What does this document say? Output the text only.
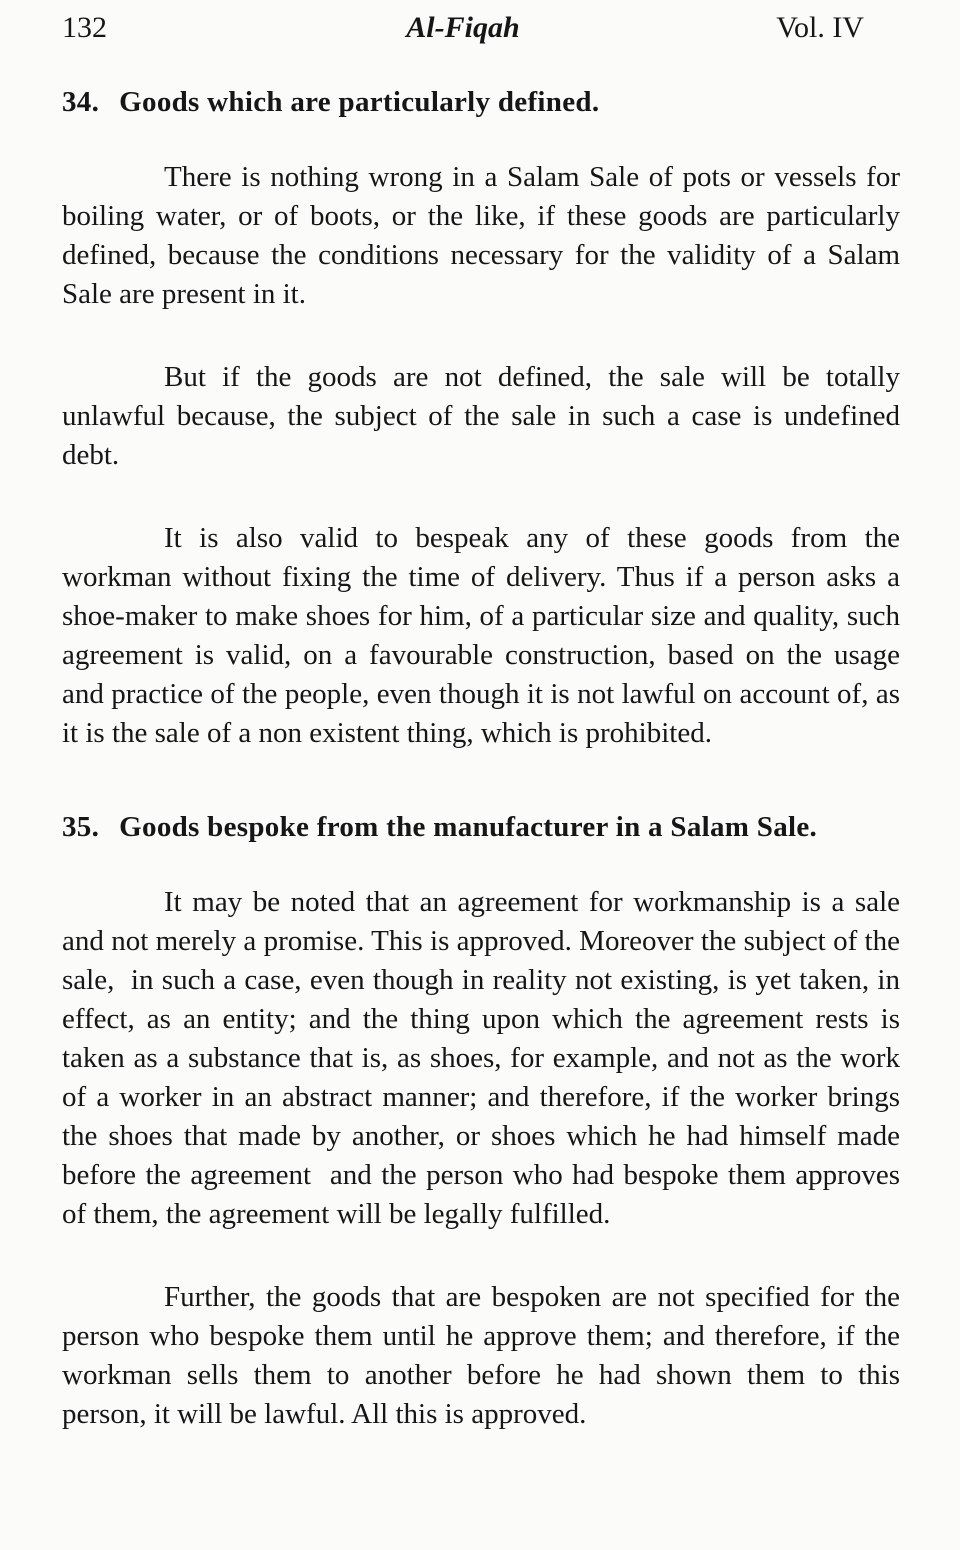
132	Al-Fiqah	Vol. IV
34. Goods which are particularly defined.

There is nothing wrong in a Salam Sale of pots or vessels for boiling water, or of boots, or the like, if these goods are particularly defined, because the conditions necessary for the validity of a Salam Sale are present in it.

But if the goods are not defined, the sale will be totally unlawful because, the subject of the sale in such a case is undefined debt.

It is also valid to bespeak any of these goods from the workman without fixing the time of delivery. Thus if a person asks a shoe-maker to make shoes for him, of a particular size and quality, such agreement is valid, on a favourable construction, based on the usage and practice of the people, even though it is not lawful on account of, as it is the sale of a non existent thing, which is prohibited.

35. Goods bespoke from the manufacturer in a Salam Sale.

It may be noted that an agreement for workmanship is a sale and not merely a promise. This is approved. Moreover the subject of the sale,  in such a case, even though in reality not existing, is yet taken, in effect, as an entity; and the thing upon which the agreement rests is taken as a substance that is, as shoes, for example, and not as the work of a worker in an abstract manner; and therefore, if the worker brings the shoes that made by another, or shoes which he had himself made before the agreement  and the person who had bespoke them approves of them, the agreement will be legally fulfilled.

Further, the goods that are bespoken are not specified for the person who bespoke them until he approve them; and therefore, if the workman sells them to another before he had shown them to this person, it will be lawful. All this is approved.
